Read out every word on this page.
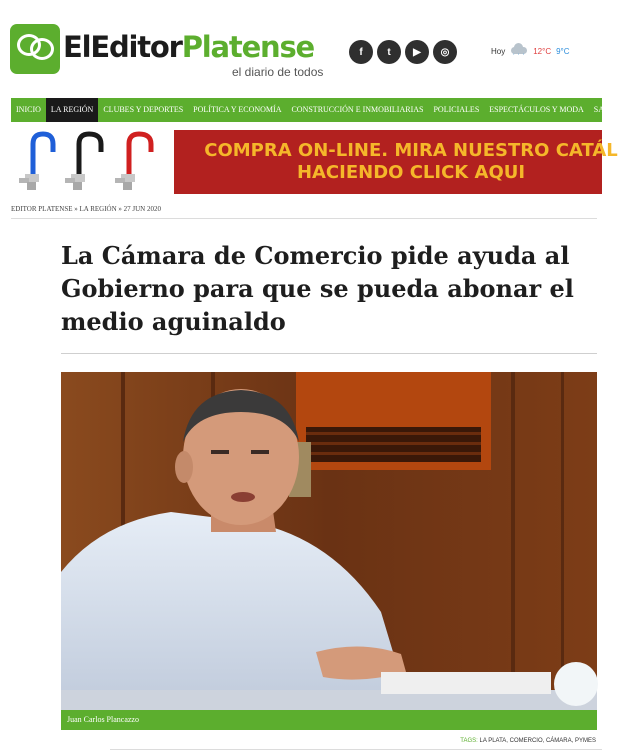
ElEditorPlatense
el diario de todos
f	t	▶	◎	Hoy
' ' '
12°C 9°C
INICIO	LA REGIÓN	CLUBES Y DEPORTES	POLÍTICA Y ECONOMÍA	CONSTRUCCIÓN E INMOBILIARIAS	POLICIALES	ESPECTÁCULOS Y MODA	SAL
COMPRA ON-LINE. MIRA NUESTRO CATÁL
HACIENDO CLICK AQUI
EDITOR PLATENSE » LA REGIÓN » 27 JUN 2020
La Cámara de Comercio pide ayuda al Gobierno para que se pueda abonar el medio aguinaldo
Juan Carlos Plancazzo
TAGS: LA PLATA, COMERCIO, CÁMARA, PYMES
